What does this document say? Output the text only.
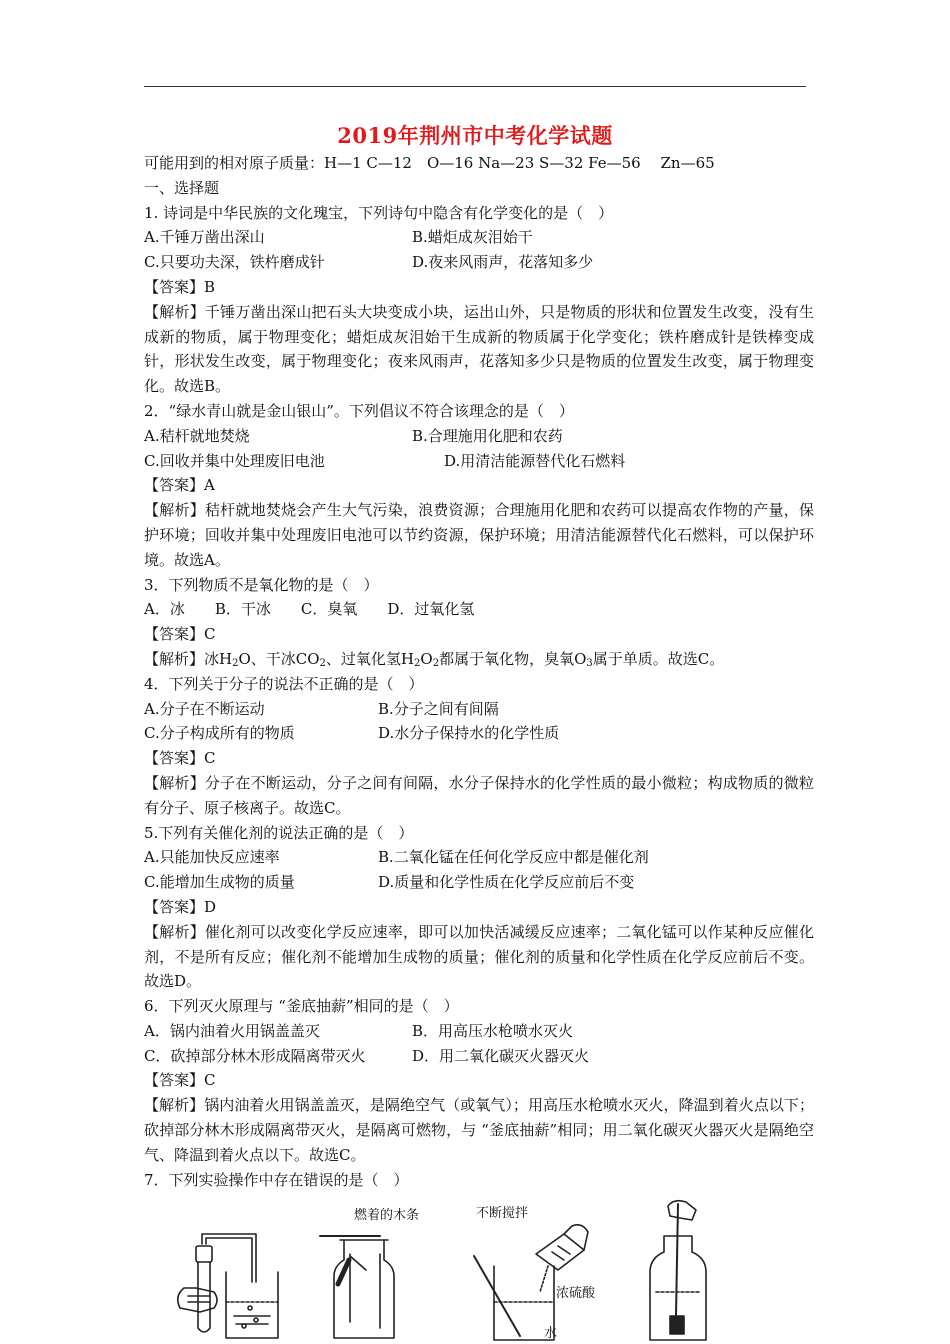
2019年荆州市中考化学试题
可能用到的相对原子质量：H—1 C—12　O—16 Na—23 S—32 Fe—56　 Zn—65
一、选择题
1. 诗词是中华民族的文化瑰宝，下列诗句中隐含有化学变化的是（　）
A.千锤万凿出深山	B.蜡炬成灰泪始干
C.只要功夫深，铁杵磨成针	D.夜来风雨声，花落知多少
【答案】B
【解析】千锤万凿出深山把石头大块变成小块，运出山外，只是物质的形状和位置发生改变，没有生成新的物质，属于物理变化；蜡炬成灰泪始干生成新的物质属于化学变化；铁杵磨成针是铁棒变成针，形状发生改变，属于物理变化；夜来风雨声，花落知多少只是物质的位置发生改变，属于物理变化。故选B。
2．“绿水青山就是金山银山”。下列倡议不符合该理念的是（　）
A.秸杆就地焚烧	B.合理施用化肥和农药
C.回收并集中处理废旧电池	D.用清洁能源替代化石燃料
【答案】A
【解析】秸杆就地焚烧会产生大气污染，浪费资源；合理施用化肥和农药可以提高农作物的产量，保护环境；回收并集中处理废旧电池可以节约资源，保护环境；用清洁能源替代化石燃料，可以保护环境。故选A。
3．下列物质不是氧化物的是（　）
A．冰 B．干冰 C．臭氧 D．过氧化氢
【答案】C
【解析】冰$H_2O$、干冰$CO_2$、过氧化氢$H_2O_2$都属于氧化物，臭氧$O_3$属于单质。故选C。
4．下列关于分子的说法不正确的是（　）
A.分子在不断运动	B.分子之间有间隔
C.分子构成所有的物质	D.水分子保持水的化学性质
【答案】C
【解析】分子在不断运动，分子之间有间隔，水分子保持水的化学性质的最小微粒；构成物质的微粒有分子、原子核离子。故选C。
5.下列有关催化剂的说法正确的是（　）
A.只能加快反应速率	B.二氧化锰在任何化学反应中都是催化剂
C.能增加生成物的质量	D.质量和化学性质在化学反应前后不变
【答案】D
【解析】催化剂可以改变化学反应速率，即可以加快活减缓反应速率；二氧化锰可以作某种反应催化剂，不是所有反应；催化剂不能增加生成物的质量；催化剂的质量和化学性质在化学反应前后不变。故选D。
6．下列灭火原理与 “釜底抽薪”相同的是（　）
A．锅内油着火用锅盖盖灭	B．用高压水枪喷水灭火
C．砍掉部分林木形成隔离带灭火	D．用二氧化碳灭火器灭火
【答案】C
【解析】锅内油着火用锅盖盖灭，是隔绝空气（或氧气）；用高压水枪喷水灭火，降温到着火点以下；砍掉部分林木形成隔离带灭火，是隔离可燃物，与 “釜底抽薪”相同；用二氧化碳灭火器灭火是隔绝空气、降温到着火点以下。故选C。
7．下列实验操作中存在错误的是（　）
燃着的木条	不断搅拌
浓硫酸
水
